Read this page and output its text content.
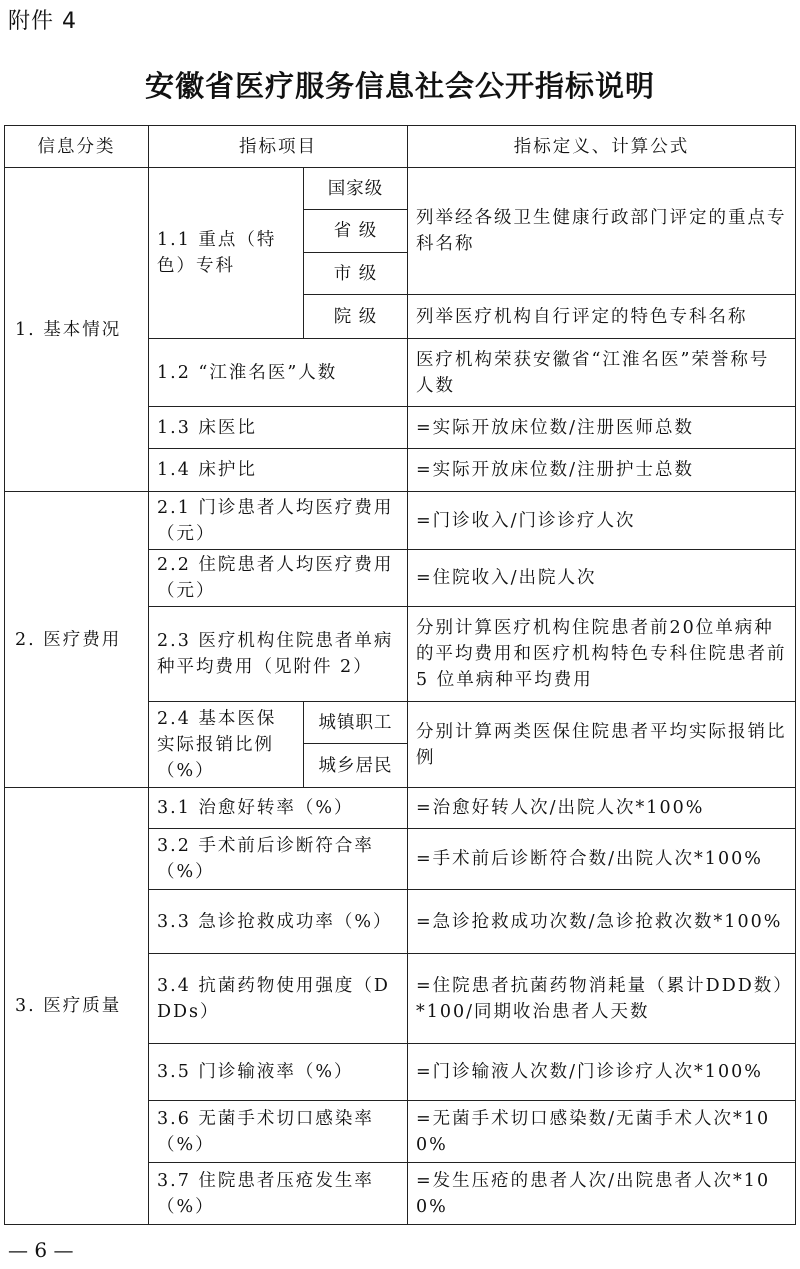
附件 4
安徽省医疗服务信息社会公开指标说明
信息分类	指标项目		指标定义、计算公式
1. 基本情况	1.1 重点（特色）专科	国家级	列举经各级卫生健康行政部门评定的重点专科名称
		省 级	
		市 级	
		院 级	列举医疗机构自行评定的特色专科名称
	1.2 “江淮名医”人数		医疗机构荣获安徽省“江淮名医”荣誉称号人数
	1.3 床医比		=实际开放床位数/注册医师总数
	1.4 床护比		=实际开放床位数/注册护士总数
2. 医疗费用	2.1 门诊患者人均医疗费用（元）		=门诊收入/门诊诊疗人次
	2.2 住院患者人均医疗费用（元）		=住院收入/出院人次
	2.3 医疗机构住院患者单病种平均费用（见附件 2）		分别计算医疗机构住院患者前20位单病种的平均费用和医疗机构特色专科住院患者前 5 位单病种平均费用
	2.4 基本医保实际报销比例（%）	城镇职工	分别计算两类医保住院患者平均实际报销比例
		城乡居民	
3. 医疗质量	3.1 治愈好转率（%）		=治愈好转人次/出院人次*100%
	3.2 手术前后诊断符合率（%）		=手术前后诊断符合数/出院人次*100%
	3.3 急诊抢救成功率（%）		=急诊抢救成功次数/急诊抢救次数*100%
	3.4 抗菌药物使用强度（DDDs）		=住院患者抗菌药物消耗量（累计DDD数）*100/同期收治患者人天数
	3.5 门诊输液率（%）		=门诊输液人次数/门诊诊疗人次*100%
	3.6 无菌手术切口感染率（%）		=无菌手术切口感染数/无菌手术人次*100%
	3.7 住院患者压疮发生率（%）		=发生压疮的患者人次/出院患者人次*100%
— 6 —
